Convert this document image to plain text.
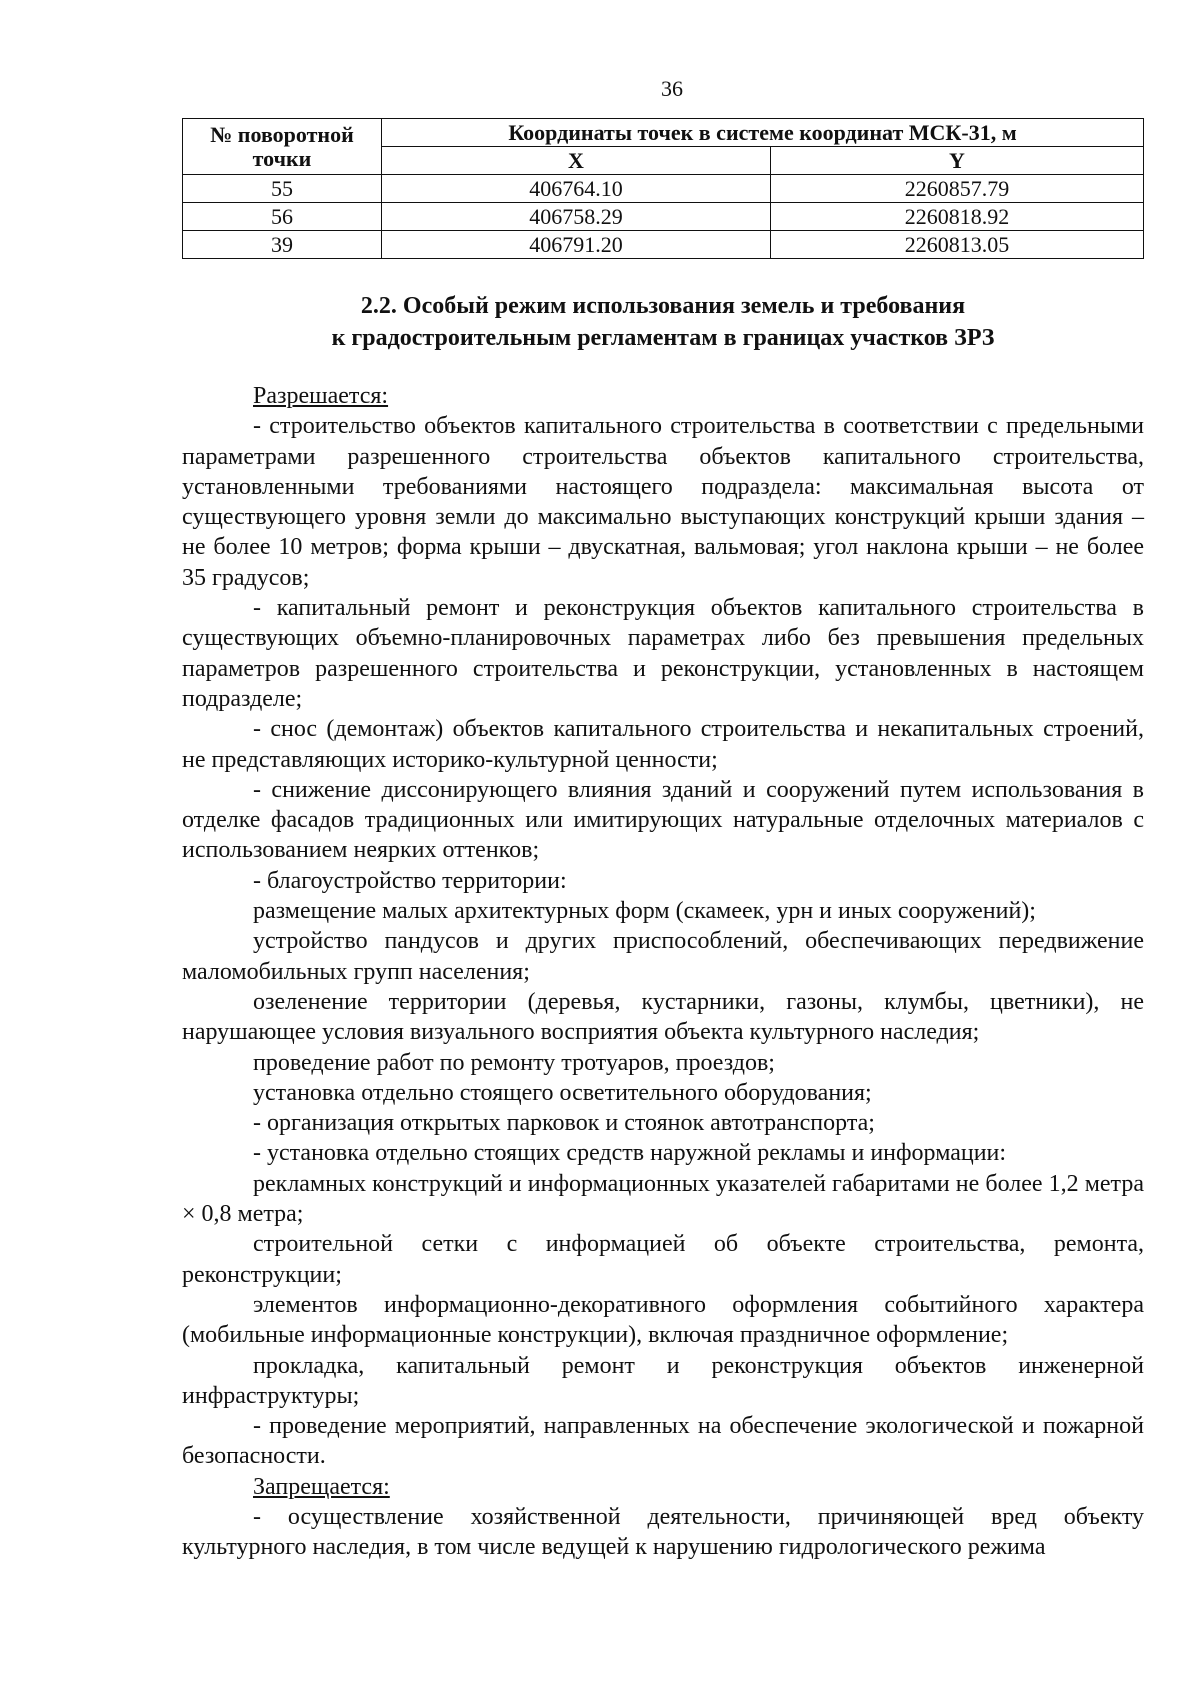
36
№ поворотной
точки	Координаты точек в системе координат МСК-31, м	
	X	Y
55	406764.10	2260857.79
56	406758.29	2260818.92
39	406791.20	2260813.05
2.2. Особый режим использования земель и требования
к градостроительным регламентам в границах участков ЗРЗ

Разрешается:

- строительство объектов капитального строительства в соответствии с предельными параметрами разрешенного строительства объектов капитального строительства, установленными требованиями настоящего подраздела: максимальная высота от существующего уровня земли до максимально выступающих конструкций крыши здания – не более 10 метров; форма крыши – двускатная, вальмовая; угол наклона крыши – не более 35 градусов;

- капитальный ремонт и реконструкция объектов капитального строительства в существующих объемно-планировочных параметрах либо без превышения предельных параметров разрешенного строительства и реконструкции, установленных в настоящем подразделе;

- снос (демонтаж) объектов капитального строительства и некапитальных строений, не представляющих историко-культурной ценности;

- снижение диссонирующего влияния зданий и сооружений путем использования в отделке фасадов традиционных или имитирующих натуральные отделочных материалов с использованием неярких оттенков;

- благоустройство территории:

размещение малых архитектурных форм (скамеек, урн и иных сооружений);

устройство пандусов и других приспособлений, обеспечивающих передвижение маломобильных групп населения;

озеленение территории (деревья, кустарники, газоны, клумбы, цветники), не нарушающее условия визуального восприятия объекта культурного наследия;

проведение работ по ремонту тротуаров, проездов;

установка отдельно стоящего осветительного оборудования;

- организация открытых парковок и стоянок автотранспорта;

- установка отдельно стоящих средств наружной рекламы и информации:

рекламных конструкций и информационных указателей габаритами не более 1,2 метра × 0,8 метра;

строительной сетки с информацией об объекте строительства, ремонта, реконструкции;

элементов информационно-декоративного оформления событийного характера (мобильные информационные конструкции), включая праздничное оформление;

прокладка, капитальный ремонт и реконструкция объектов инженерной инфраструктуры;

- проведение мероприятий, направленных на обеспечение экологической и пожарной безопасности.

Запрещается:

- осуществление хозяйственной деятельности, причиняющей вред объекту культурного наследия, в том числе ведущей к нарушению гидрологического режима
